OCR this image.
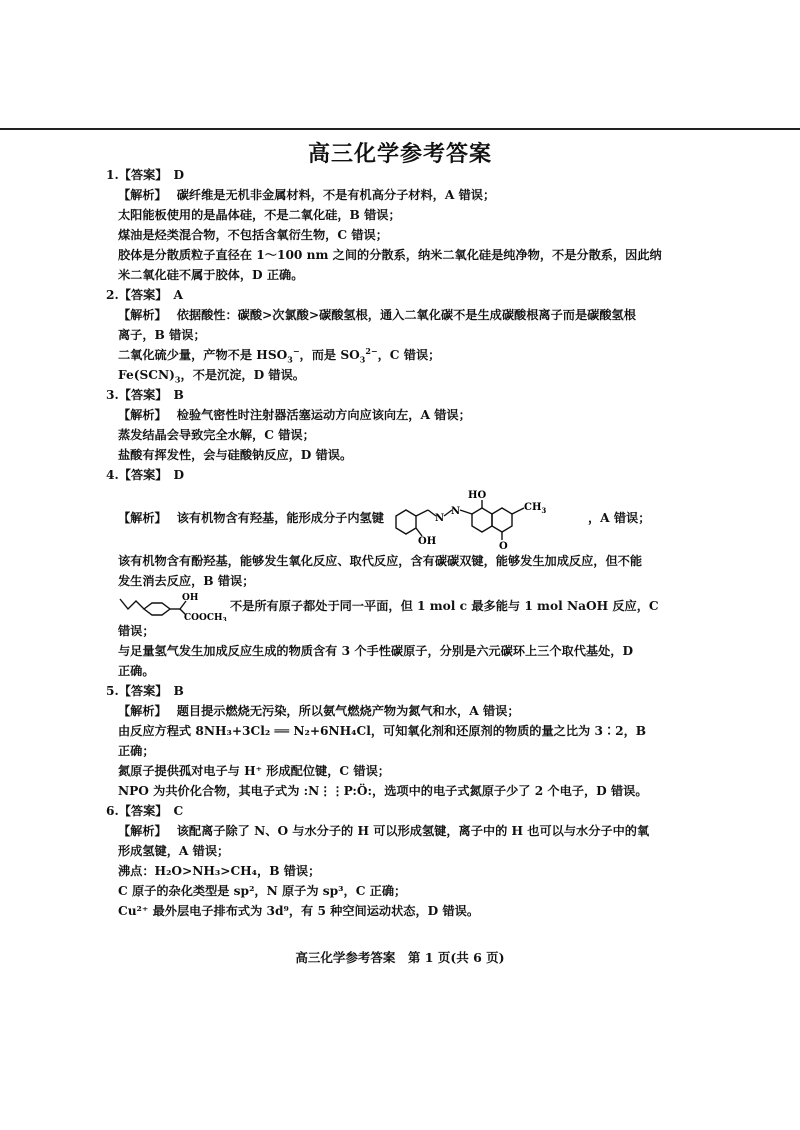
高三化学参考答案
1.【答案】 D
【解析】 碳纤维是无机非金属材料，不是有机高分子材料，A 错误；
太阳能板使用的是晶体硅，不是二氧化硅，B 错误；
煤油是烃类混合物，不包括含氧衍生物，C 错误；
胶体是分散质粒子直径在 1～100 nm 之间的分散系，纳米二氧化硅是纯净物，不是分散系，因此纳
米二氧化硅不属于胶体，D 正确。
2.【答案】 A
【解析】 依据酸性：碳酸>次氯酸>碳酸氢根，通入二氧化碳不是生成碳酸根离子而是碳酸氢根
离子，B 错误；
二氧化硫少量，产物不是 $HSO_3^-$，而是 $SO_3^{2-}$，C 错误；
$Fe(SCN)_3$，不是沉淀，D 错误。
3.【答案】 B
【解析】 检验气密性时注射器活塞运动方向应该向左，A 错误；
蒸发结晶会导致完全水解，C 错误；
盐酸有挥发性，会与硅酸钠反应，D 错误。
4.【答案】 D
【解析】 该有机物含有羟基，能形成分子内氢键
HO
N
N
OH
$CH_3$
O
，A 错误；
该有机物含有酚羟基，能够发生氧化反应、取代反应，含有碳碳双键，能够发生加成反应，但不能
发生消去反应，B 错误；
OH
$COOCH_3$
不是所有原子都处于同一平面，但 1 mol c 最多能与 1 mol NaOH 反应，C
错误；
与足量氢气发生加成反应生成的物质含有 3 个手性碳原子，分别是六元碳环上三个取代基处，D
正确。
5.【答案】 B
【解析】 题目提示燃烧无污染，所以氨气燃烧产物为氮气和水，A 错误；
由反应方程式 8NH₃+3Cl₂ ══ N₂+6NH₄Cl，可知氧化剂和还原剂的物质的量之比为 3∶2，B
正确；
氮原子提供孤对电子与 H⁺ 形成配位键，C 错误；
NPO 为共价化合物，其电子式为 :N⋮⋮P:Ö:，选项中的电子式氮原子少了 2 个电子，D 错误。
6.【答案】 C
【解析】 该配离子除了 N、O 与水分子的 H 可以形成氢键，离子中的 H 也可以与水分子中的氧
形成氢键，A 错误；
沸点：H₂O>NH₃>CH₄，B 错误；
C 原子的杂化类型是 sp²，N 原子为 sp³，C 正确；
Cu²⁺ 最外层电子排布式为 3d⁹，有 5 种空间运动状态，D 错误。
高三化学参考答案　第 1 页(共 6 页)
